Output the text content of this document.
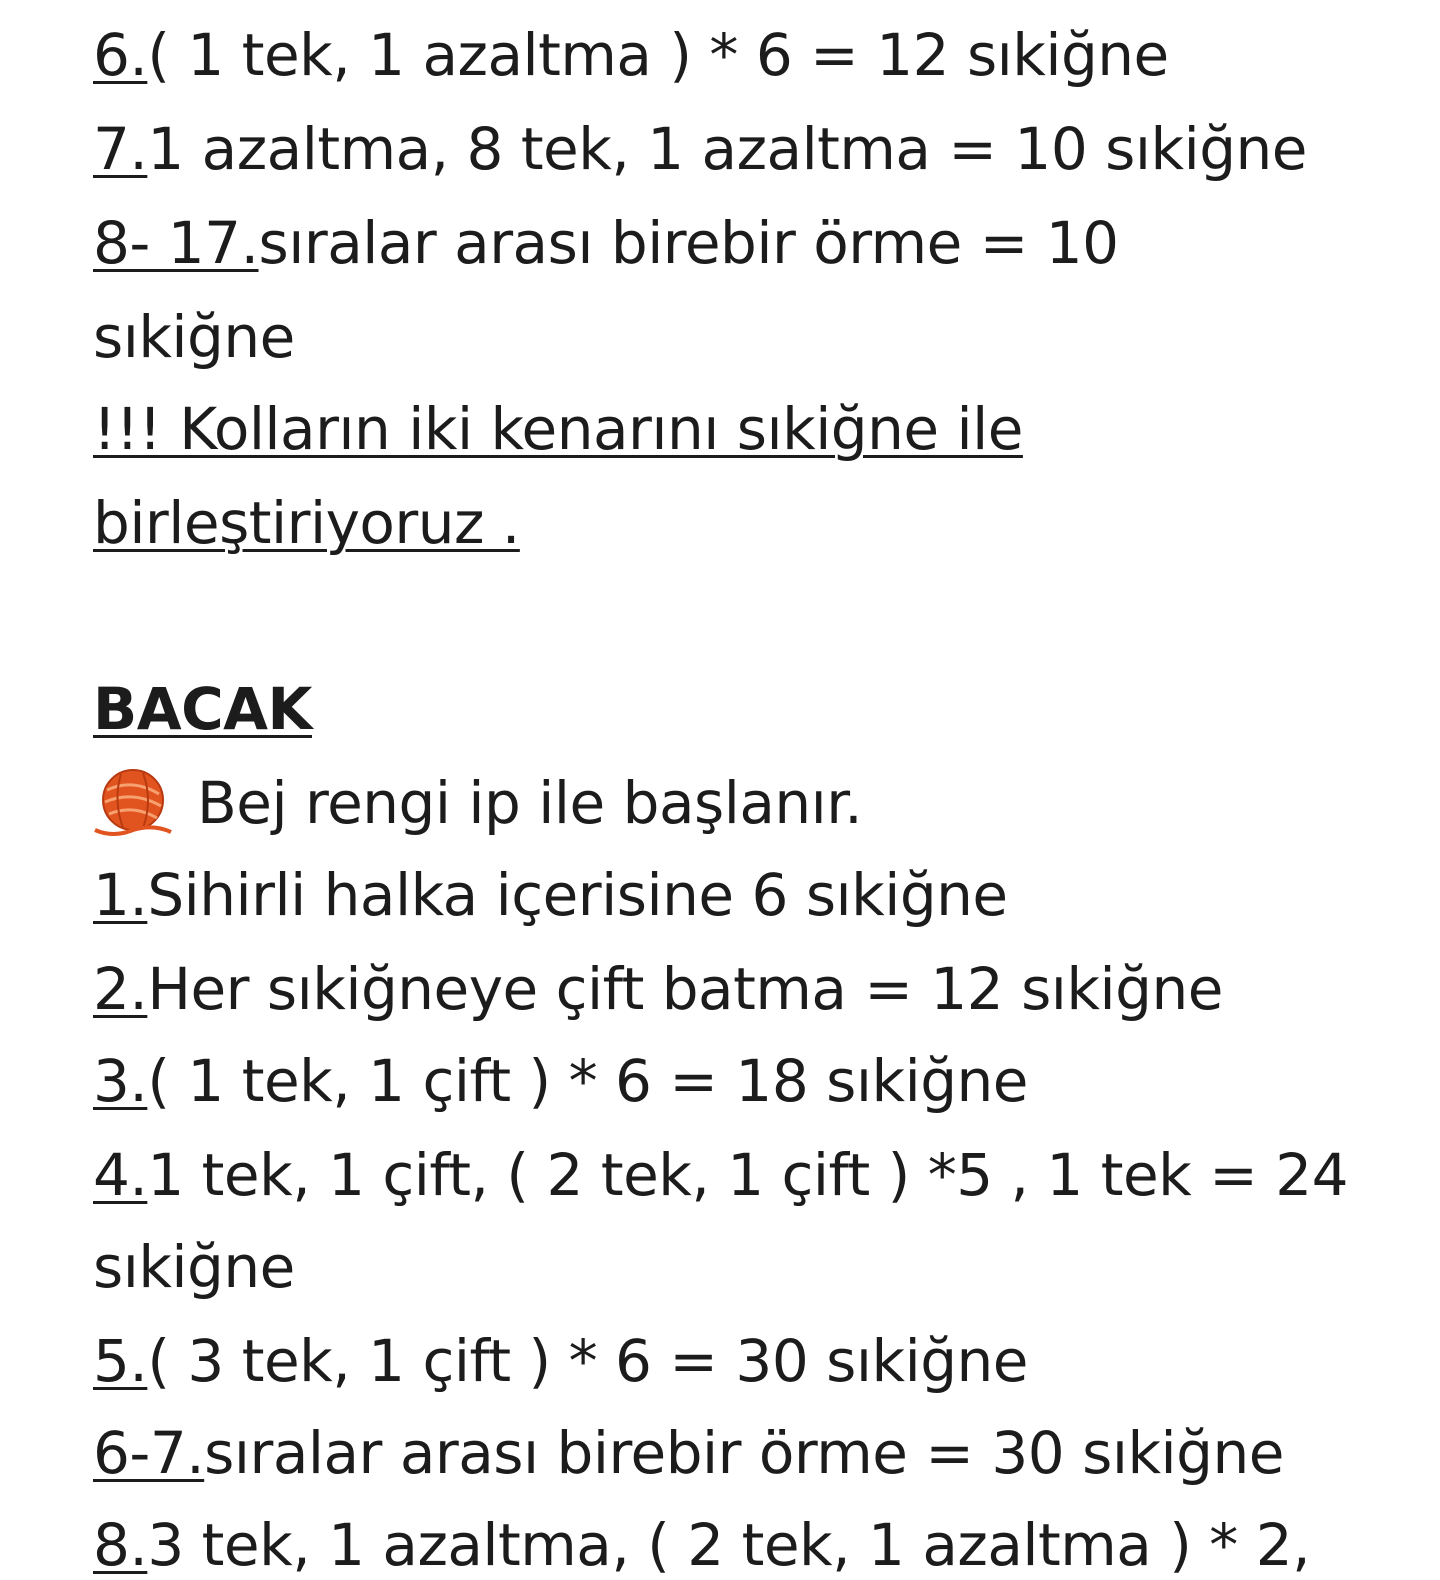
6.( 1 tek, 1 azaltma ) * 6 = 12 sıkiğne
7.1 azaltma, 8 tek, 1 azaltma = 10 sıkiğne
8- 17.sıralar arası birebir örme = 10
sıkiğne
!!! Kolların iki kenarını sıkiğne ile
birleştiriyoruz .
BACAK
Bej rengi ip ile başlanır.
1.Sihirli halka içerisine 6 sıkiğne
2.Her sıkiğneye çift batma = 12 sıkiğne
3.( 1 tek, 1 çift ) * 6 = 18 sıkiğne
4.1 tek, 1 çift, ( 2 tek, 1 çift ) *5 , 1 tek = 24
sıkiğne
5.( 3 tek, 1 çift ) * 6 = 30 sıkiğne
6-7.sıralar arası birebir örme = 30 sıkiğne
8.3 tek, 1 azaltma, ( 2 tek, 1 azaltma ) * 2,
